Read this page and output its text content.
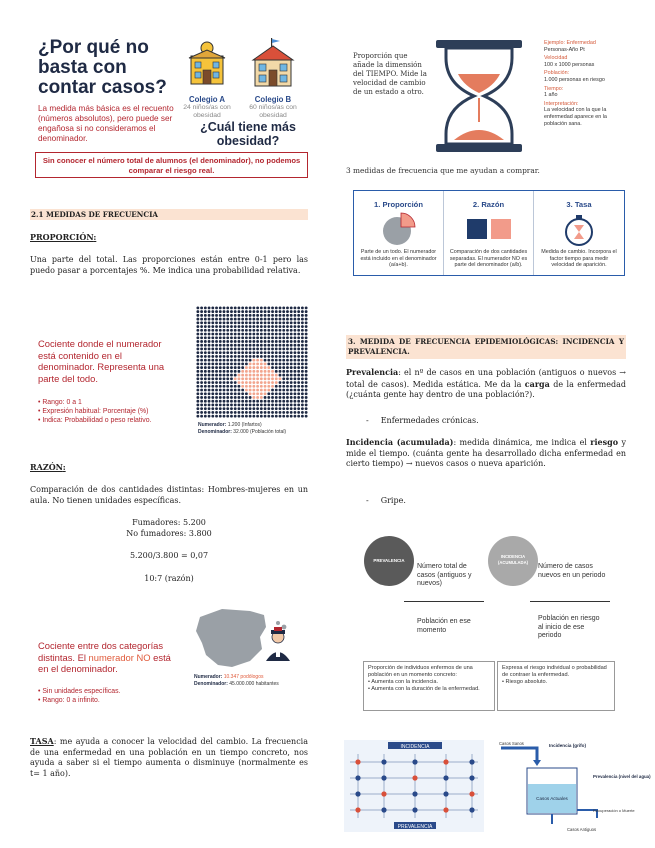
¿Por qué no basta con contar casos?
La medida más básica es el recuento (números absolutos), pero puede ser engañosa si no consideramos el denominador.
Colegio A
24 niños/as con obesidad
Colegio B
60 niños/as con obesidad
¿Cuál tiene más obesidad?
Sin conocer el número total de alumnos (el denominador), no podemos comparar el riesgo real.
2.1 MEDIDAS DE FRECUENCIA
PROPORCIÓN:
Una parte del total. Las proporciones están entre 0-1 pero las puedo pasar a porcentajes %. Me indica una probabilidad relativa.
Cociente donde el numerador está contenido en el denominador. Representa una parte del todo.
• Rango: 0 a 1
• Expresión habitual: Porcentaje (%)
• Indica: Probabilidad o peso relativo.
Numerador: 1.200 (Infartos)
Denominador: 32.000 (Población total)
RAZÓN:
Comparación de dos cantidades distintas: Hombres-mujeres en un aula. No tienen unidades específicas.
Fumadores: 5.200
No fumadores: 3.800
5.200/3.800 = 0,07
10:7 (razón)
Cociente entre dos categorías distintas. El numerador NO está en el denominador.
• Sin unidades específicas.
• Rango: 0 a infinito.
Numerador: 10.347 podólogos
Denominador: 45.000.000 habitantes
TASA: me ayuda a conocer la velocidad del cambio. La frecuencia de una enfermedad en una población en un tiempo concreto, nos ayuda a saber si el tiempo aumenta o disminuye (normalmente es t= 1 año).
Proporción que añade la dimensión del TIEMPO. Mide la velocidad de cambio de un estado a otro.
Ejemplo: Enfermedad
Personas-Año Pt
Velocidad
100 x 1000 personas
Población:
1.000 personas en riesgo
Tiempo:
1 año
Interpretación:
La velocidad con la que la enfermedad aparece en la población sana.
3 medidas de frecuencia que me ayudan a comprar.
1. Proporción
Parte de un todo. El numerador está incluido en el denominador (a/a+b).
2. Razón
Comparación de dos cantidades separadas. El numerador NO es parte del denominador (a/b).
3. Tasa
Medida de cambio. Incorpora el factor tiempo para medir velocidad de aparición.
3. MEDIDA DE FRECUENCIA EPIDEMIOLÓGICAS: INCIDENCIA Y PREVALENCIA.
Prevalencia: el nº de casos en una población (antiguos o nuevos → total de casos). Medida estática. Me da la carga de la enfermedad (¿cuánta gente hay dentro de una población?).
- Enfermedades crónicas.
Incidencia (acumulada): medida dinámica, me indica el riesgo y mide el tiempo. (cuánta gente ha desarrollado dicha enfermedad en cierto tiempo) → nuevos casos o nueva aparición.
- Gripe.
PREVALENCIA
Número total de casos (antiguos y nuevos)
Población en ese momento
INCIDENCIA (ACUMULADA)
Número de casos nuevos en un periodo
Población en riesgo al inicio de ese periodo
Proporción de individuos enfermos de una población en un momento concreto:
• Aumenta con la incidencia.
• Aumenta con la duración de la enfermedad.
Expresa el riesgo individual o probabilidad de contraer la enfermedad.
• Riesgo absoluto.
INCIDENCIA
PREVALENCIA
Casos Sanos	Incidencia (grifo)
Casos Actuales
Prevalencia (nivel del agua)
Recuperación o Muerte
Casos Antiguos
